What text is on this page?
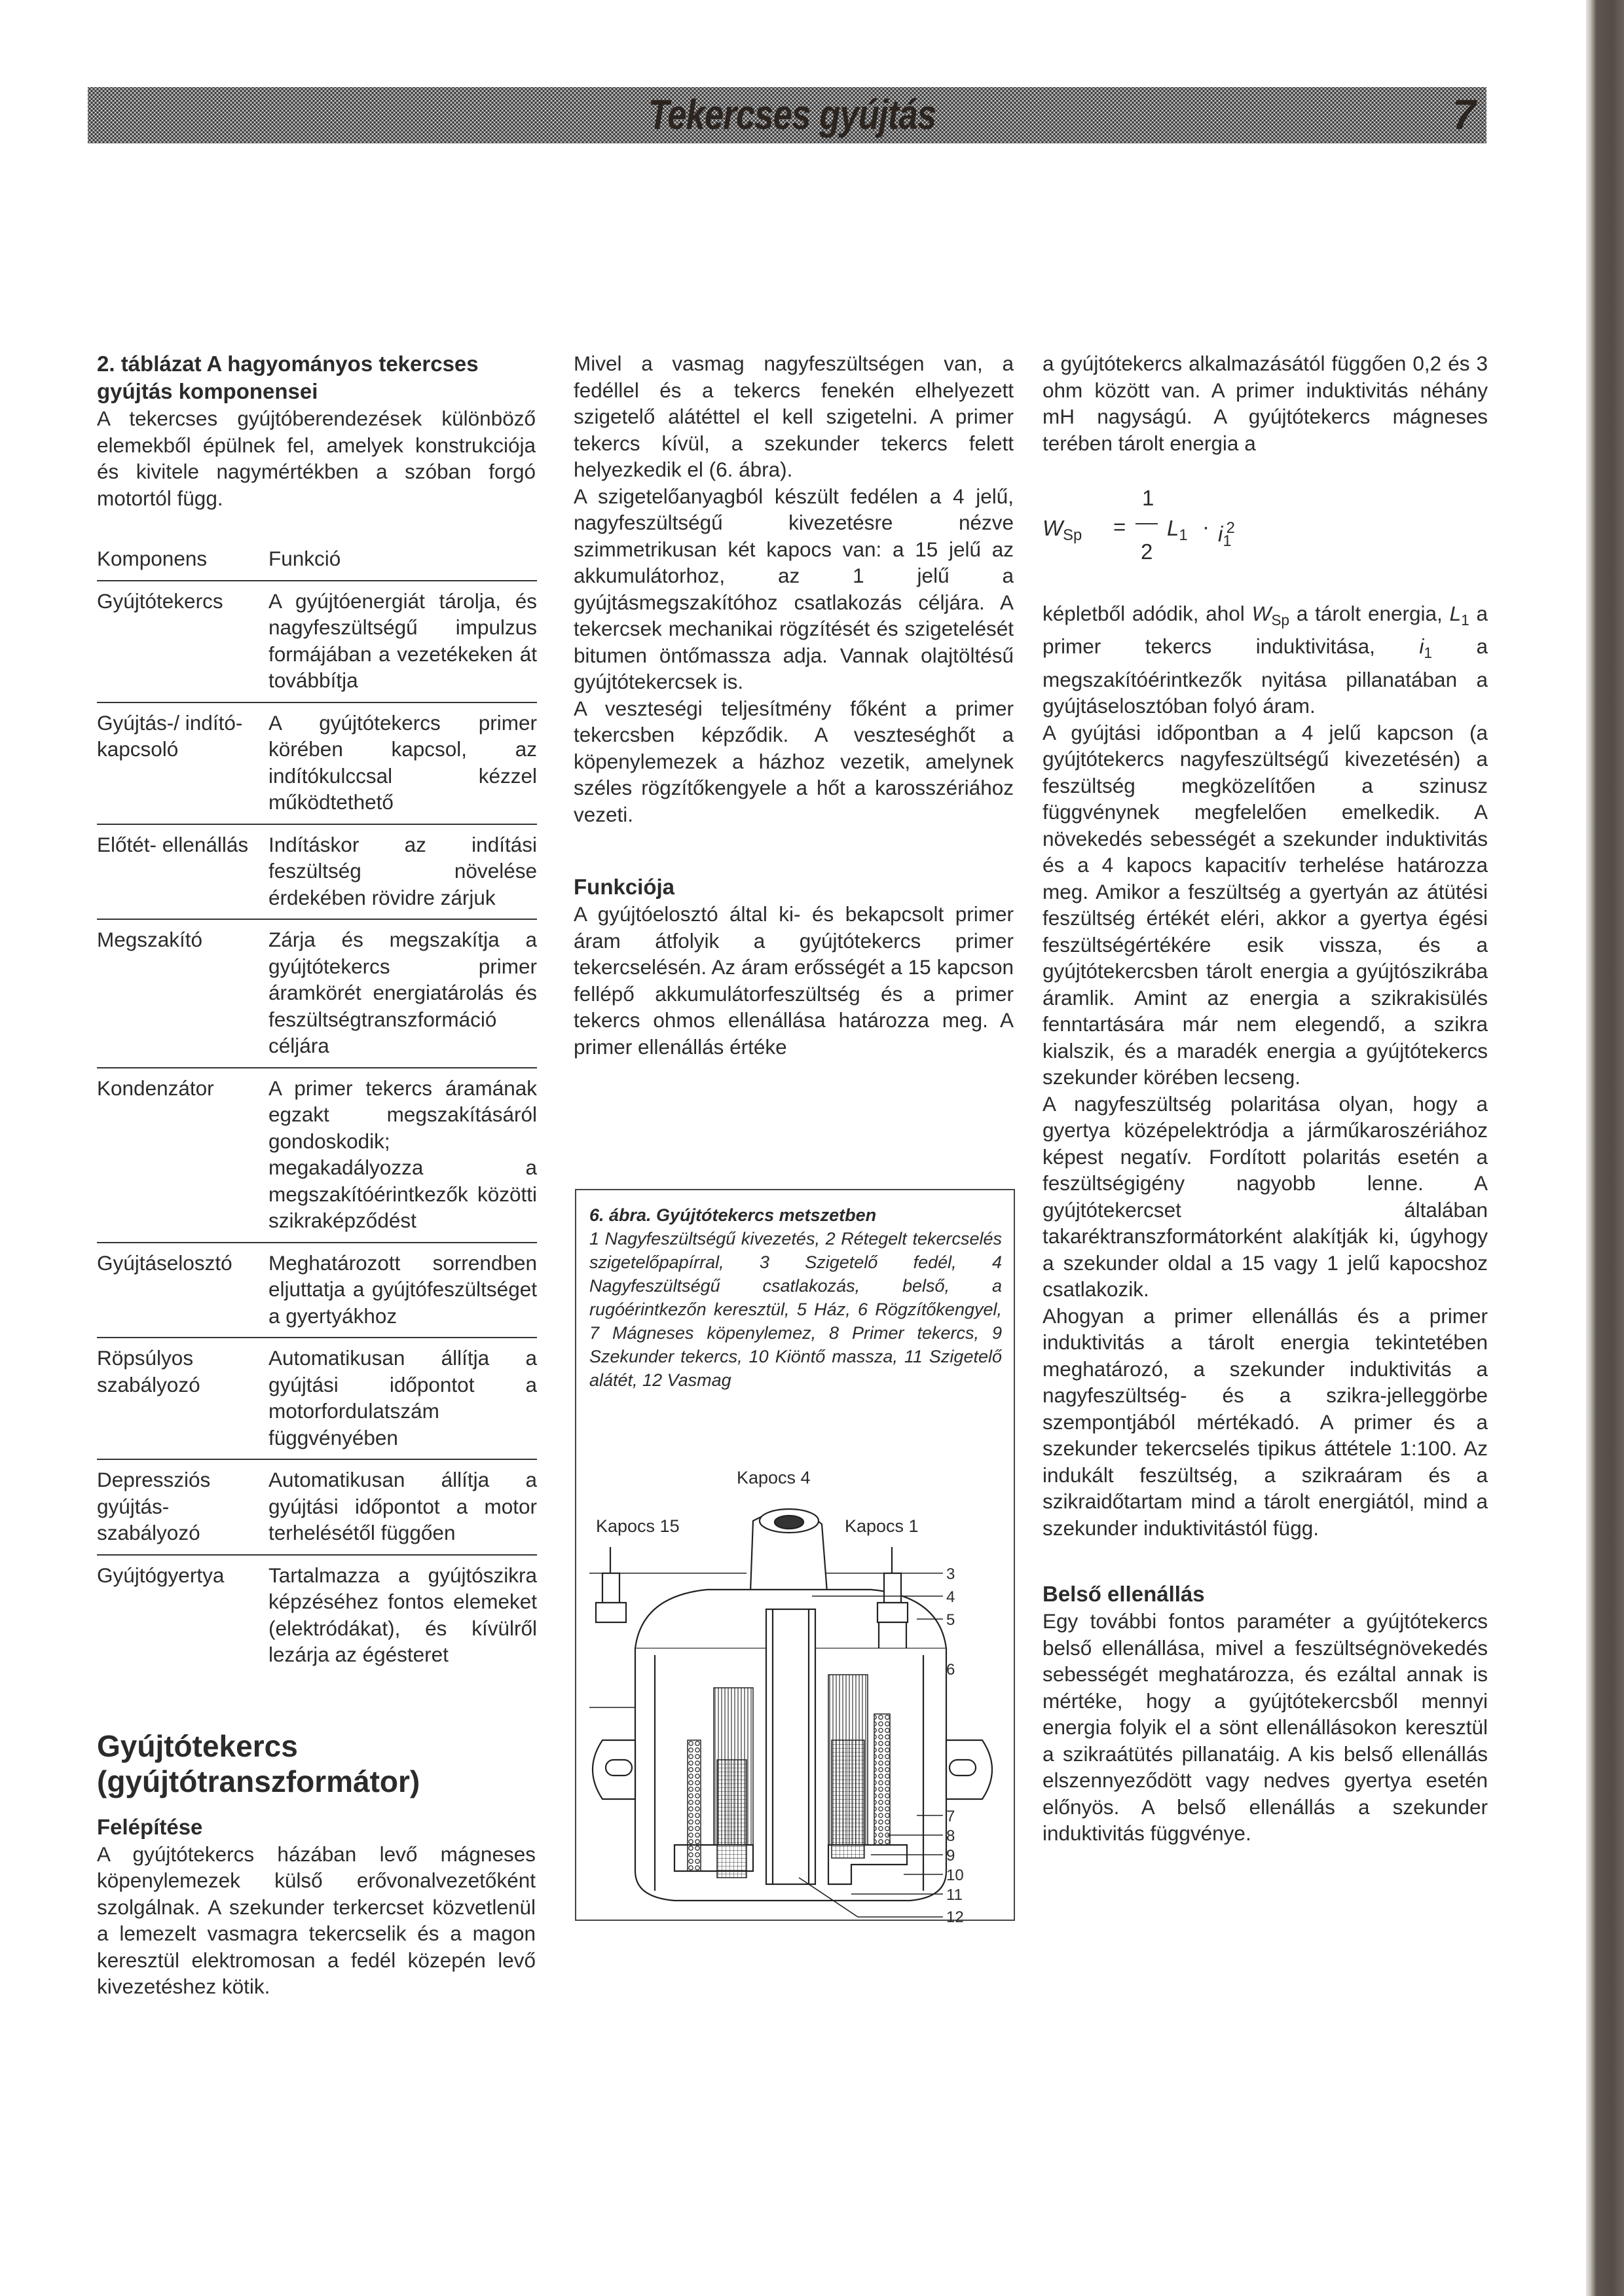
Tekercses gyújtás	7
2. táblázat A hagyományos tekercses gyújtás komponensei

A tekercses gyújtóberendezések különböző elemekből épülnek fel, amelyek konstrukciója és kivitele nagymértékben a szóban forgó motortól függ.

Komponens	Funkció
Gyújtótekercs	A gyújtóenergiát tárolja, és nagyfeszültségű impulzus formájában a vezetékeken át továbbítja
Gyújtás-/ indító-kapcsoló	A gyújtótekercs primer körében kapcsol, az indítókulccsal kézzel működtethető
Előtét- ellenállás	Indításkor az indítási feszültség növelése érdekében rövidre zárjuk
Megszakító	Zárja és megszakítja a gyújtótekercs primer áramkörét energiatárolás és feszültségtranszformáció céljára
Kondenzátor	A primer tekercs áramának egzakt megszakításáról gondoskodik; megakadályozza a megszakítóérintkezők közötti szikraképződést
Gyújtáselosztó	Meghatározott sorrendben eljuttatja a gyújtófeszültséget a gyertyákhoz
Röpsúlyos szabályozó	Automatikusan állítja a gyújtási időpontot a motorfordulatszám függvényében
Depressziós gyújtás- szabályozó	Automatikusan állítja a gyújtási időpontot a motor terhelésétől függően
Gyújtógyertya	Tartalmazza a gyújtószikra képzéséhez fontos elemeket (elektródákat), és kívülről lezárja az égésteret
Gyújtótekercs (gyújtótranszformátor)
Felépítése

A gyújtótekercs házában levő mágneses köpenylemezek külső erővonalvezetőként szolgálnak. A szekunder terkercset közvetlenül a lemezelt vasmagra tekercselik és a magon keresztül elektromosan a fedél közepén levő kivezetéshez kötik.

Mivel a vasmag nagyfeszültségen van, a fedéllel és a tekercs fenekén elhelyezett szigetelő alátéttel el kell szigetelni. A primer tekercs kívül, a szekunder tekercs felett helyezkedik el (6. ábra).

A szigetelőanyagból készült fedélen a 4 jelű, nagyfeszültségű kivezetésre nézve szimmetrikusan két kapocs van: a 15 jelű az akkumulátorhoz, az 1 jelű a gyújtásmegszakítóhoz csatlakozás céljára. A tekercsek mechanikai rögzítését és szigetelését bitumen öntőmassza adja. Vannak olajtöltésű gyújtótekercsek is.

A veszteségi teljesítmény főként a primer tekercsben képződik. A veszteséghőt a köpenylemezek a házhoz vezetik, amelynek széles rögzítőkengyele a hőt a karosszériához vezeti.

Funkciója

A gyújtóelosztó által ki- és bekapcsolt primer áram átfolyik a gyújtótekercs primer tekercselésén. Az áram erősségét a 15 kapcson fellépő akkumulátorfeszültség és a primer tekercs ohmos ellenállása határozza meg. A primer ellenállás értéke

6. ábra. Gyújtótekercs metszetben
1 Nagyfeszültségű kivezetés, 2 Rétegelt tekercselés szigetelőpapírral, 3 Szigetelő fedél, 4 Nagyfeszültségű csatlakozás, belső, a rugóérintkezőn keresztül, 5 Ház, 6 Rögzítőkengyel, 7 Mágneses köpenylemez, 8 Primer tekercs, 9 Szekunder tekercs, 10 Kiöntő massza, 11 Szigetelő alátét, 12 Vasmag
Kapocs 4
Kapocs 15	Kapocs 1
3
4
5
6
7
8
9
10
11
12

a gyújtótekercs alkalmazásától függően 0,2 és 3 ohm között van. A primer induktivitás néhány mH nagyságú. A gyújtótekercs mágneses terében tárolt energia a

$W_{Sp}$ =
1
2
$L_1 \cdot i_1^2$

képletből adódik, ahol $W_{Sp}$ a tárolt energia, $L_1$ a primer tekercs induktivitása, $i_1$ a megszakítóérintkezők nyitása pillanatában a gyújtáselosztóban folyó áram.

A gyújtási időpontban a 4 jelű kapcson (a gyújtótekercs nagyfeszültségű kivezetésén) a feszültség megközelítően a szinusz függvénynek megfelelően emelkedik. A növekedés sebességét a szekunder induktivitás és a 4 kapocs kapacitív terhelése határozza meg. Amikor a feszültség a gyertyán az átütési feszültség értékét eléri, akkor a gyertya égési feszültségértékére esik vissza, és a gyújtótekercsben tárolt energia a gyújtószikrába áramlik. Amint az energia a szikrakisülés fenntartására már nem elegendő, a szikra kialszik, és a maradék energia a gyújtótekercs szekunder körében lecseng.

A nagyfeszültség polaritása olyan, hogy a gyertya középelektródja a járműkaroszériához képest negatív. Fordított polaritás esetén a feszültségigény nagyobb lenne. A gyújtótekercset általában takaréktranszformátorként alakítják ki, úgyhogy a szekunder oldal a 15 vagy 1 jelű kapocshoz csatlakozik.

Ahogyan a primer ellenállás és a primer induktivitás a tárolt energia tekintetében meghatározó, a szekunder induktivitás a nagyfeszültség- és a szikra-jelleggörbe szempontjából mértékadó. A primer és a szekunder tekercselés tipikus áttétele 1:100. Az indukált feszültség, a szikraáram és a szikraidőtartam mind a tárolt energiától, mind a szekunder induktivitástól függ.

Belső ellenállás

Egy további fontos paraméter a gyújtótekercs belső ellenállása, mivel a feszültségnövekedés sebességét meghatározza, és ezáltal annak is mértéke, hogy a gyújtótekercsből mennyi energia folyik el a sönt ellenállásokon keresztül a szikraátütés pillanatáig. A kis belső ellenállás elszennyeződött vagy nedves gyertya esetén előnyös. A belső ellenállás a szekunder induktivitás függvénye.
